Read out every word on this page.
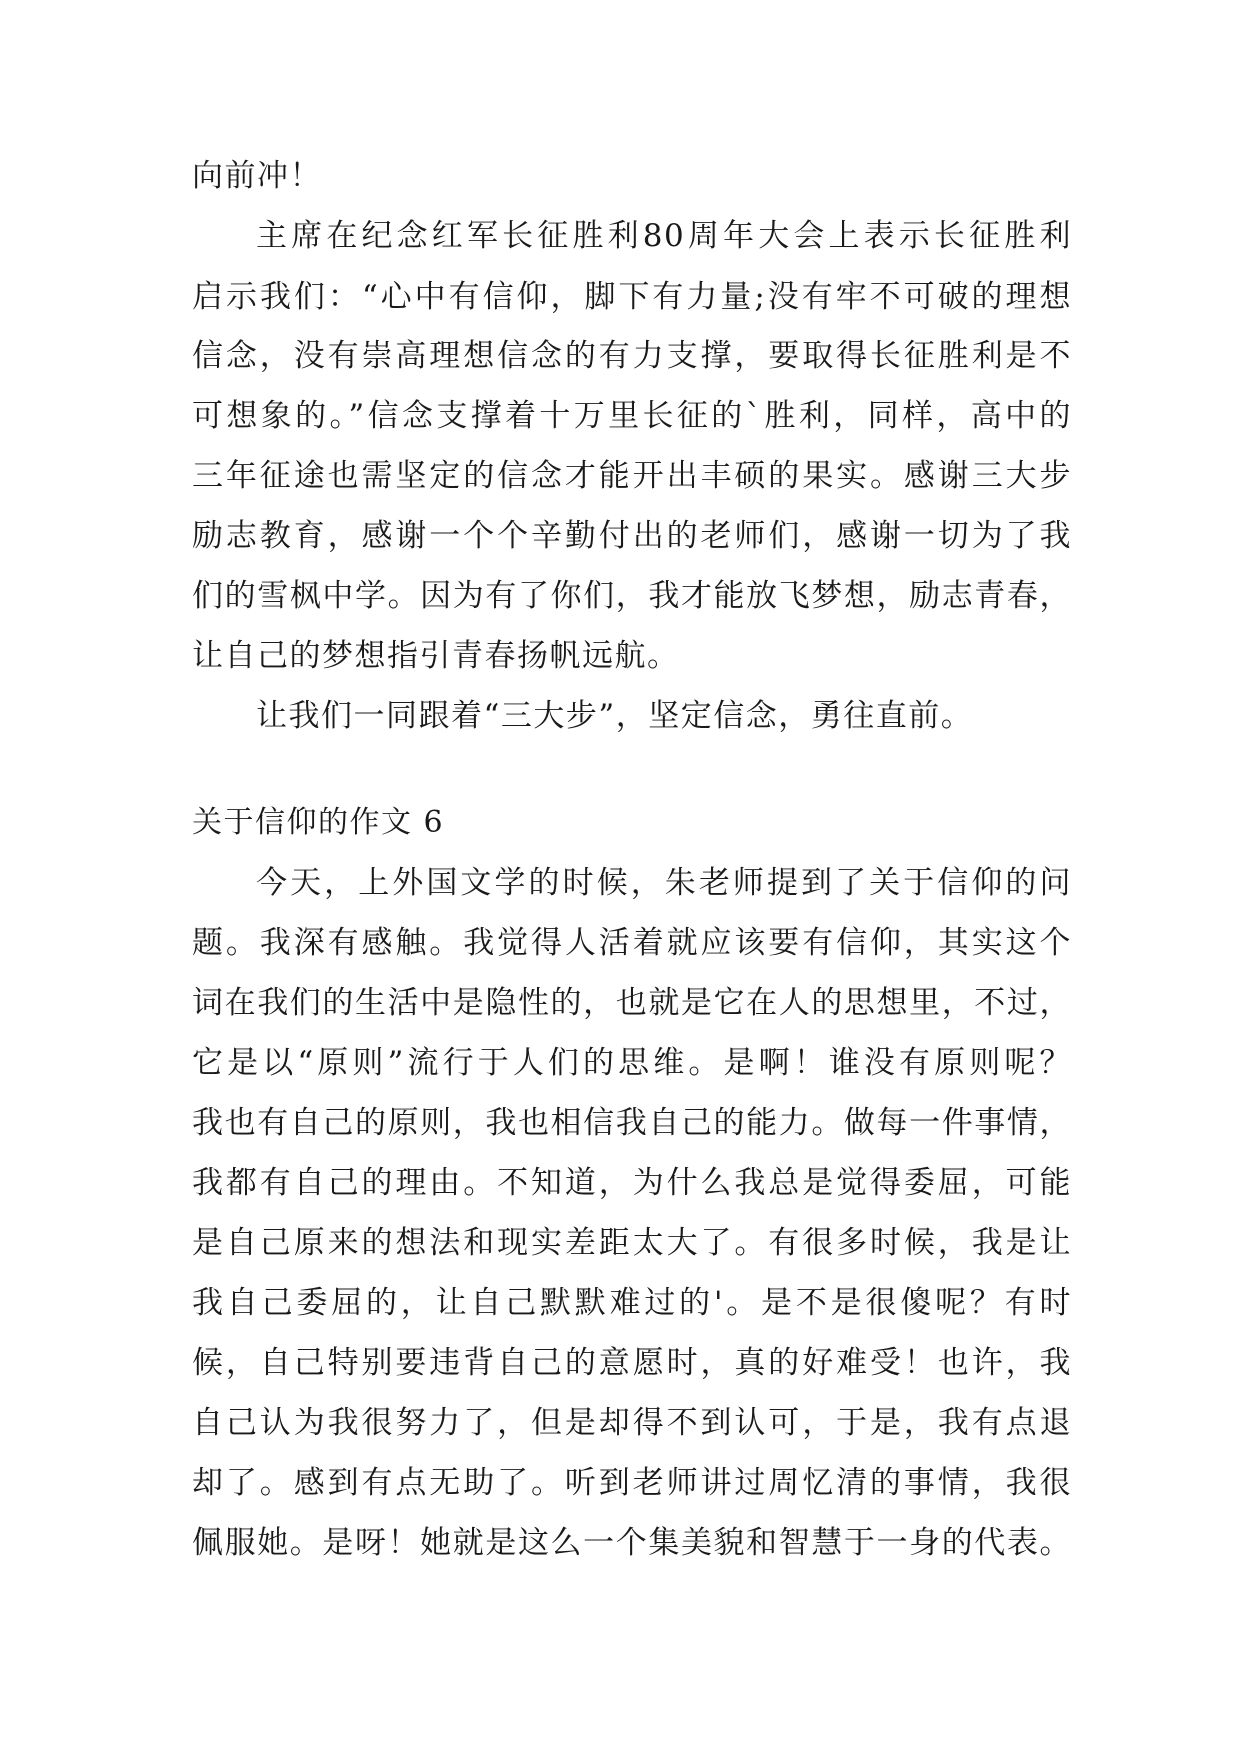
向前冲！
主席在纪念红军长征胜利80周年大会上表示长征胜利
启示我们：“心中有信仰，脚下有力量;没有牢不可破的理想
信念，没有崇高理想信念的有力支撑，要取得长征胜利是不
可想象的。”信念支撑着十万里长征的`胜利，同样，高中的
三年征途也需坚定的信念才能开出丰硕的果实。感谢三大步
励志教育，感谢一个个辛勤付出的老师们，感谢一切为了我
们的雪枫中学。因为有了你们，我才能放飞梦想，励志青春，
让自己的梦想指引青春扬帆远航。
让我们一同跟着“三大步”，坚定信念，勇往直前。
关于信仰的作文 6
今天，上外国文学的时候，朱老师提到了关于信仰的问
题。我深有感触。我觉得人活着就应该要有信仰，其实这个
词在我们的生活中是隐性的，也就是它在人的思想里，不过，
它是以“原则”流行于人们的思维。是啊！谁没有原则呢？
我也有自己的原则，我也相信我自己的能力。做每一件事情，
我都有自己的理由。不知道，为什么我总是觉得委屈，可能
是自己原来的想法和现实差距太大了。有很多时候，我是让
我自己委屈的，让自己默默难过的'。是不是很傻呢？有时
候，自己特别要违背自己的意愿时，真的好难受！也许，我
自己认为我很努力了，但是却得不到认可，于是，我有点退
却了。感到有点无助了。听到老师讲过周忆清的事情，我很
佩服她。是呀！她就是这么一个集美貌和智慧于一身的代表。
